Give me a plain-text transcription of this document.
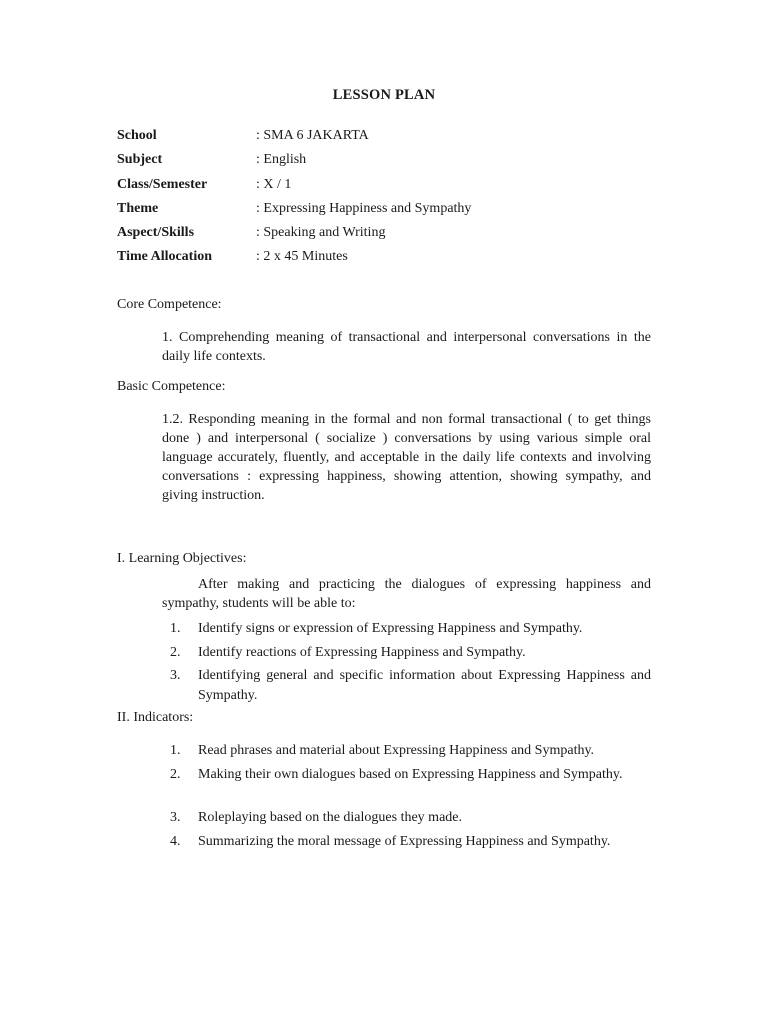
LESSON PLAN
School	: SMA 6 JAKARTA
Subject	: English
Class/Semester	: X / 1
Theme	: Expressing Happiness and Sympathy
Aspect/Skills	: Speaking and Writing
Time Allocation	: 2 x 45 Minutes
Core Competence:
1. Comprehending meaning of transactional and interpersonal conversations in the daily life contexts.
Basic Competence:
1.2. Responding meaning in the formal and non formal transactional ( to get things done ) and interpersonal ( socialize ) conversations by using various simple oral language accurately, fluently, and acceptable in the daily life contexts and involving conversations : expressing happiness, showing attention, showing sympathy, and giving instruction.
I. Learning Objectives:
After making and practicing the dialogues of expressing happiness and sympathy, students will be able to:
1. Identify signs or expression of Expressing Happiness and Sympathy.
2. Identify reactions of Expressing Happiness and Sympathy.
3. Identifying general and specific information about Expressing Happiness and Sympathy.
II. Indicators:
1. Read phrases and material about Expressing Happiness and Sympathy.
2. Making their own dialogues based on Expressing Happiness and Sympathy.
3. Roleplaying based on the dialogues they made.
4. Summarizing the moral message of Expressing Happiness and Sympathy.
